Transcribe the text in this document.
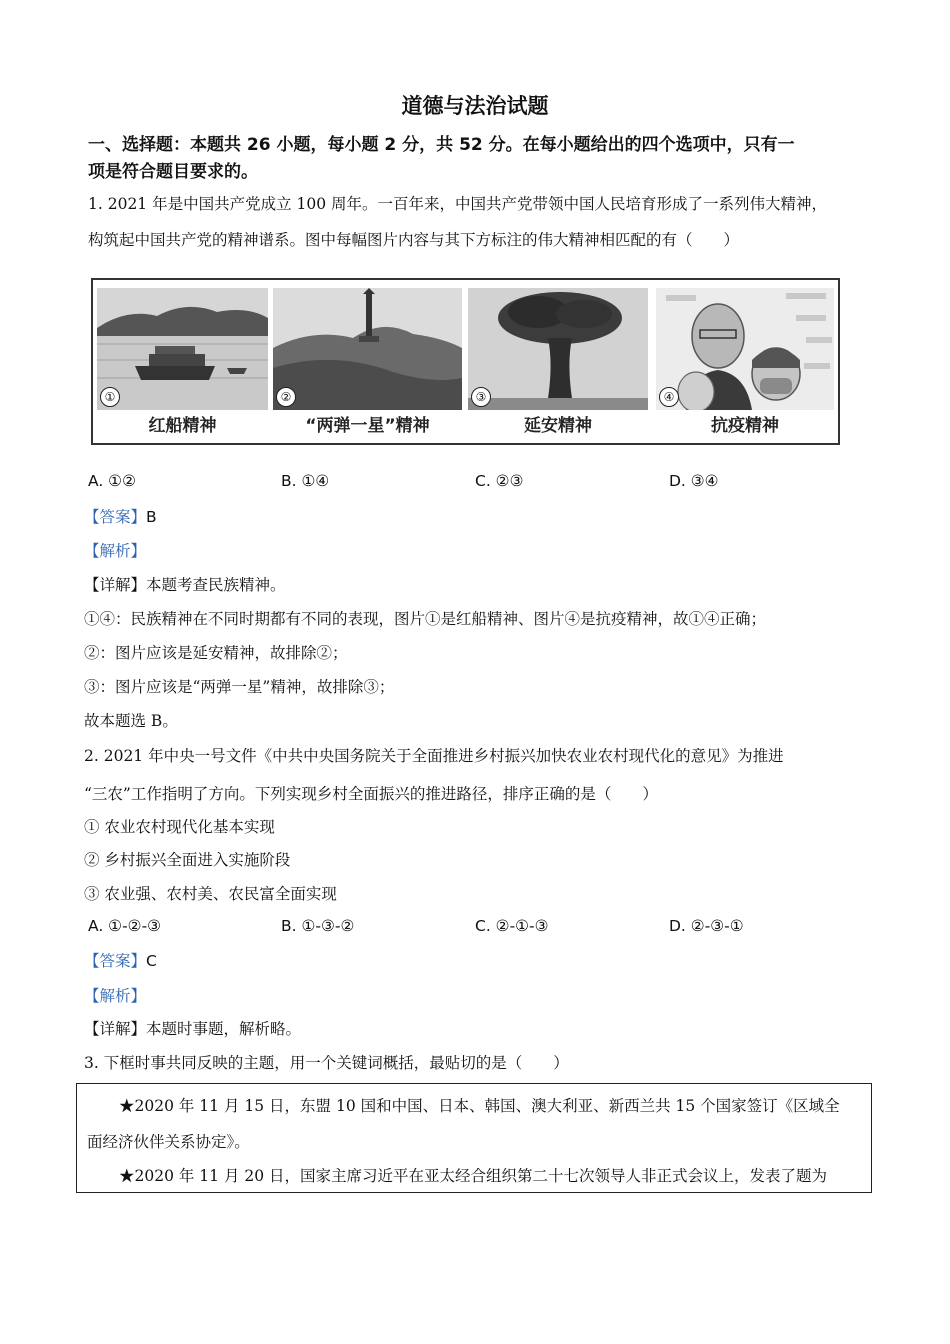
道德与法治试题
一、选择题：本题共 26 小题，每小题 2 分，共 52 分。在每小题给出的四个选项中，只有一
项是符合题目要求的。
1. 2021 年是中国共产党成立 100 周年。一百年来，中国共产党带领中国人民培育形成了一系列伟大精神，
构筑起中国共产党的精神谱系。图中每幅图片内容与其下方标注的伟大精神相匹配的有（　　）
①	②	③	④
红船精神	“两弹一星”精神	延安精神	抗疫精神
A. ①②	B. ①④	C. ②③	D. ③④
【答案】B
【解析】
【详解】本题考查民族精神。
①④：民族精神在不同时期都有不同的表现，图片①是红船精神、图片④是抗疫精神，故①④正确；
②：图片应该是延安精神，故排除②；
③：图片应该是“两弹一星”精神，故排除③；
故本题选 B。
2. 2021 年中央一号文件《中共中央国务院关于全面推进乡村振兴加快农业农村现代化的意见》为推进
“三农”工作指明了方向。下列实现乡村全面振兴的推进路径，排序正确的是（　　）
① 农业农村现代化基本实现
② 乡村振兴全面进入实施阶段
③ 农业强、农村美、农民富全面实现
A. ①-②-③	B. ①-③-②	C. ②-①-③	D. ②-③-①
【答案】C
【解析】
【详解】本题时事题，解析略。
3. 下框时事共同反映的主题，用一个关键词概括，最贴切的是（　　）
★2020 年 11 月 15 日，东盟 10 国和中国、日本、韩国、澳大利亚、新西兰共 15 个国家签订《区域全
面经济伙伴关系协定》。
★2020 年 11 月 20 日，国家主席习近平在亚太经合组织第二十七次领导人非正式会议上，发表了题为
